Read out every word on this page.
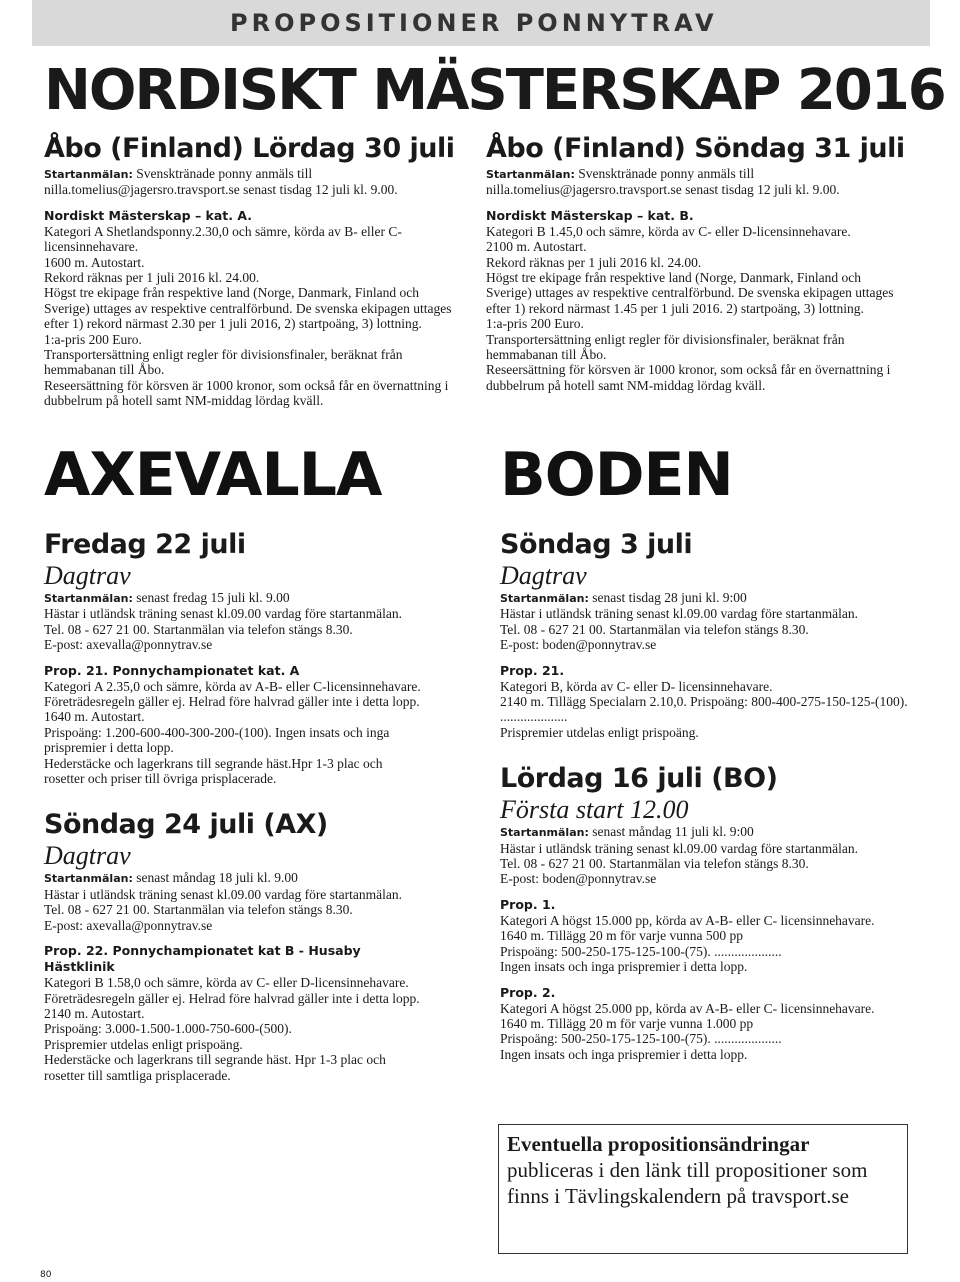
PROPOSITIONER PONNYTRAV
NORDISKT MÄSTERSKAP 2016
Åbo (Finland) Lördag 30 juli

Startanmälan: Svensktränade ponny anmäls till

nilla.tomelius@jagersro.travsport.se senast tisdag 12 juli kl. 9.00.

Nordiskt Mästerskap – kat. A.

Kategori A Shetlandsponny.2.30,0 och sämre, körda av B- eller C-licensinnehavare.

1600 m. Autostart.

Rekord räknas per 1 juli 2016 kl. 24.00.

Högst tre ekipage från respektive land (Norge, Danmark, Finland och Sverige) uttages av respektive centralförbund. De svenska ekipagen uttages efter 1) rekord närmast 2.30 per 1 juli 2016, 2) startpoäng, 3) lottning.

1:a-pris 200 Euro.

Transportersättning enligt regler för divisionsfinaler, beräknat från hemmabanan till Åbo.

Reseersättning för körsven är 1000 kronor, som också får en övernattning i dubbelrum på hotell samt NM-middag lördag kväll.

Åbo (Finland) Söndag 31 juli

Startanmälan: Svensktränade ponny anmäls till

nilla.tomelius@jagersro.travsport.se senast tisdag 12 juli kl. 9.00.

Nordiskt Mästerskap – kat. B.

Kategori B 1.45,0 och sämre, körda av C- eller D-licensinnehavare.

2100 m. Autostart.

Rekord räknas per 1 juli 2016 kl. 24.00.

Högst tre ekipage från respektive land (Norge, Danmark, Finland och Sverige) uttages av respektive centralförbund. De svenska ekipagen uttages efter 1) rekord närmast 1.45 per 1 juli 2016. 2) startpoäng, 3) lottning.

1:a-pris 200 Euro.

Transportersättning enligt regler för divisionsfinaler, beräknat från hemmabanan till Åbo.

Reseersättning för körsven är 1000 kronor, som också får en övernattning i dubbelrum på hotell samt NM-middag lördag kväll.

AXEVALLA BODEN
Fredag 22 juli
Dagtrav

Startanmälan: senast fredag 15 juli kl. 9.00

Hästar i utländsk träning senast kl.09.00 vardag före startanmälan.

Tel. 08 - 627 21 00. Startanmälan via telefon stängs 8.30.

E-post: axevalla@ponnytrav.se

Prop. 21. Ponnychampionatet kat. A

Kategori A 2.35,0 och sämre, körda av A-B- eller C-licensinnehavare.

Företrädesregeln gäller ej. Helrad före halvrad gäller inte i detta lopp.

1640 m. Autostart.

Prispoäng: 1.200-600-400-300-200-(100). Ingen insats och inga prispremier i detta lopp.

Hederstäcke och lagerkrans till segrande häst.Hpr 1-3 plac och rosetter och priser till övriga prisplacerade.

Söndag 24 juli (AX)
Dagtrav

Startanmälan: senast måndag 18 juli kl. 9.00

Hästar i utländsk träning senast kl.09.00 vardag före startanmälan.

Tel. 08 - 627 21 00. Startanmälan via telefon stängs 8.30.

E-post: axevalla@ponnytrav.se

Prop. 22. Ponnychampionatet kat B - Husaby Hästklinik

Kategori B 1.58,0 och sämre, körda av C- eller D-licensinnehavare.

Företrädesregeln gäller ej. Helrad före halvrad gäller inte i detta lopp.

2140 m. Autostart.

Prispoäng: 3.000-1.500-1.000-750-600-(500).

Prispremier utdelas enligt prispoäng.

Hederstäcke och lagerkrans till segrande häst. Hpr 1-3 plac och rosetter till samtliga prisplacerade.

Söndag 3 juli
Dagtrav

Startanmälan: senast tisdag 28 juni kl. 9:00

Hästar i utländsk träning senast kl.09.00 vardag före startanmälan.

Tel. 08 - 627 21 00. Startanmälan via telefon stängs 8.30.

E-post: boden@ponnytrav.se

Prop. 21.

Kategori B, körda av C- eller D- licensinnehavare.

2140 m. Tillägg Specialarn 2.10,0. Prispoäng: 800-400-275-150-125-(100). ....................

Prispremier utdelas enligt prispoäng.

Lördag 16 juli (BO)
Första start 12.00

Startanmälan: senast måndag 11 juli kl. 9:00

Hästar i utländsk träning senast kl.09.00 vardag före startanmälan.

Tel. 08 - 627 21 00. Startanmälan via telefon stängs 8.30.

E-post: boden@ponnytrav.se

Prop. 1.

Kategori A högst 15.000 pp, körda av A-B- eller C- licensinnehavare.

1640 m. Tillägg 20 m för varje vunna 500 pp

Prispoäng: 500-250-175-125-100-(75). ....................

Ingen insats och inga prispremier i detta lopp.

Prop. 2.

Kategori A högst 25.000 pp, körda av A-B- eller C- licensinnehavare.

1640 m. Tillägg 20 m för varje vunna 1.000 pp

Prispoäng: 500-250-175-125-100-(75). ....................

Ingen insats och inga prispremier i detta lopp.

Eventuella propositionsändringar
publiceras i den länk till propositioner som finns i Tävlingskalendern på travsport.se
80
